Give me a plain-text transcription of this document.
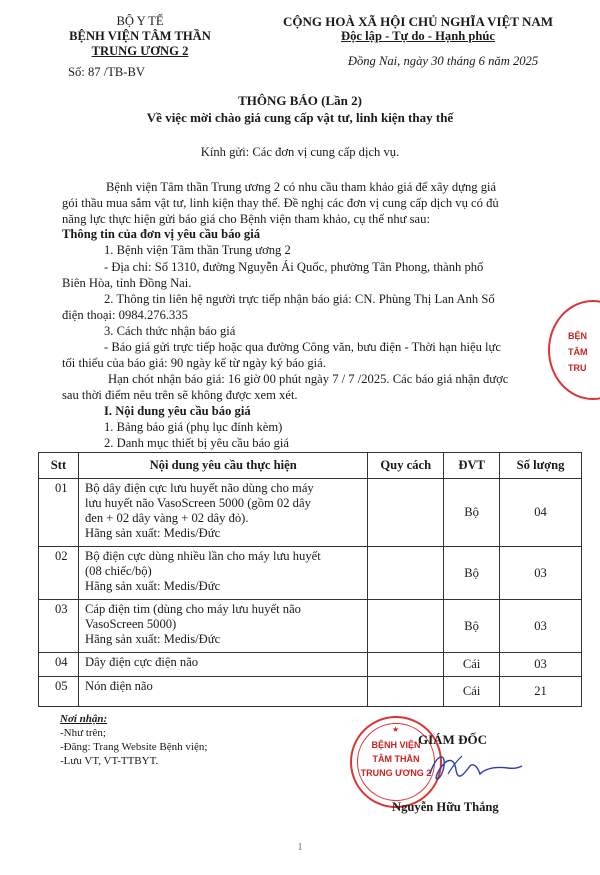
BỘ Y TẾ
BỆNH VIỆN TÂM THẦN
TRUNG ƯƠNG 2
Số: 87 /TB-BV
CỘNG HOÀ XÃ HỘI CHỦ NGHĨA VIỆT NAM
Độc lập - Tự do - Hạnh phúc
Đồng Nai, ngày 30 tháng 6 năm 2025
THÔNG BÁO (Lần 2)
Về việc mời chào giá cung cấp vật tư, linh kiện thay thế
Kính gửi: Các đơn vị cung cấp dịch vụ.
Bệnh viện Tâm thần Trung ương 2 có nhu cầu tham khảo giá để xây dựng giá
gói thầu mua sắm vật tư, linh kiện thay thế. Đề nghị các đơn vị cung cấp dịch vụ có đủ
năng lực thực hiện gửi báo giá cho Bệnh viện tham khảo, cụ thể như sau:
Thông tin của đơn vị yêu cầu báo giá
1. Bệnh viện Tâm thần Trung ương 2
- Địa chỉ: Số 1310, đường Nguyễn Ái Quốc, phường Tân Phong, thành phố
Biên Hòa, tỉnh Đồng Nai.
2. Thông tin liên hệ người trực tiếp nhận báo giá: CN. Phùng Thị Lan Anh Số
điện thoại: 0984.276.335
3. Cách thức nhận báo giá
- Báo giá gửi trực tiếp hoặc qua đường Công văn, bưu điện - Thời hạn hiệu lực
tối thiểu của báo giá: 90 ngày kể từ ngày ký báo giá.
Hạn chót nhận báo giá: 16 giờ 00 phút ngày 7 / 7 /2025. Các báo giá nhận được
sau thời điểm nêu trên sẽ không được xem xét.
I. Nội dung yêu cầu báo giá
1. Bảng báo giá (phụ lục đính kèm)
2. Danh mục thiết bị yêu cầu báo giá
Stt	Nội dung yêu cầu thực hiện	Quy cách	ĐVT	Số lượng
01	Bộ dây điện cực lưu huyết não dùng cho máy
lưu huyết não VasoScreen 5000 (gồm 02 dây
đen + 02 dây vàng + 02 dây đỏ).
Hãng sản xuất: Medis/Đức		Bộ	04
02	Bộ điện cực dùng nhiều lần cho máy lưu huyết
(08 chiếc/bộ)
Hãng sản xuất: Medis/Đức		Bộ	03
03	Cáp điện tim (dùng cho máy lưu huyết não
VasoScreen 5000)
Hãng sản xuất: Medis/Đức		Bộ	03
04	Dây điện cực điện não		Cái	03
05	Nón điện não		Cái	21
Nơi nhận:
-Như trên;
-Đăng: Trang Website Bệnh viện;
-Lưu VT, VT-TTBYT.
BỆNH VIỆN
TÂM THẦN
TRUNG ƯƠNG 2
★
GIÁM ĐỐC
Nguyễn Hữu Thắng
BỆN
TÂM
TRU
1
